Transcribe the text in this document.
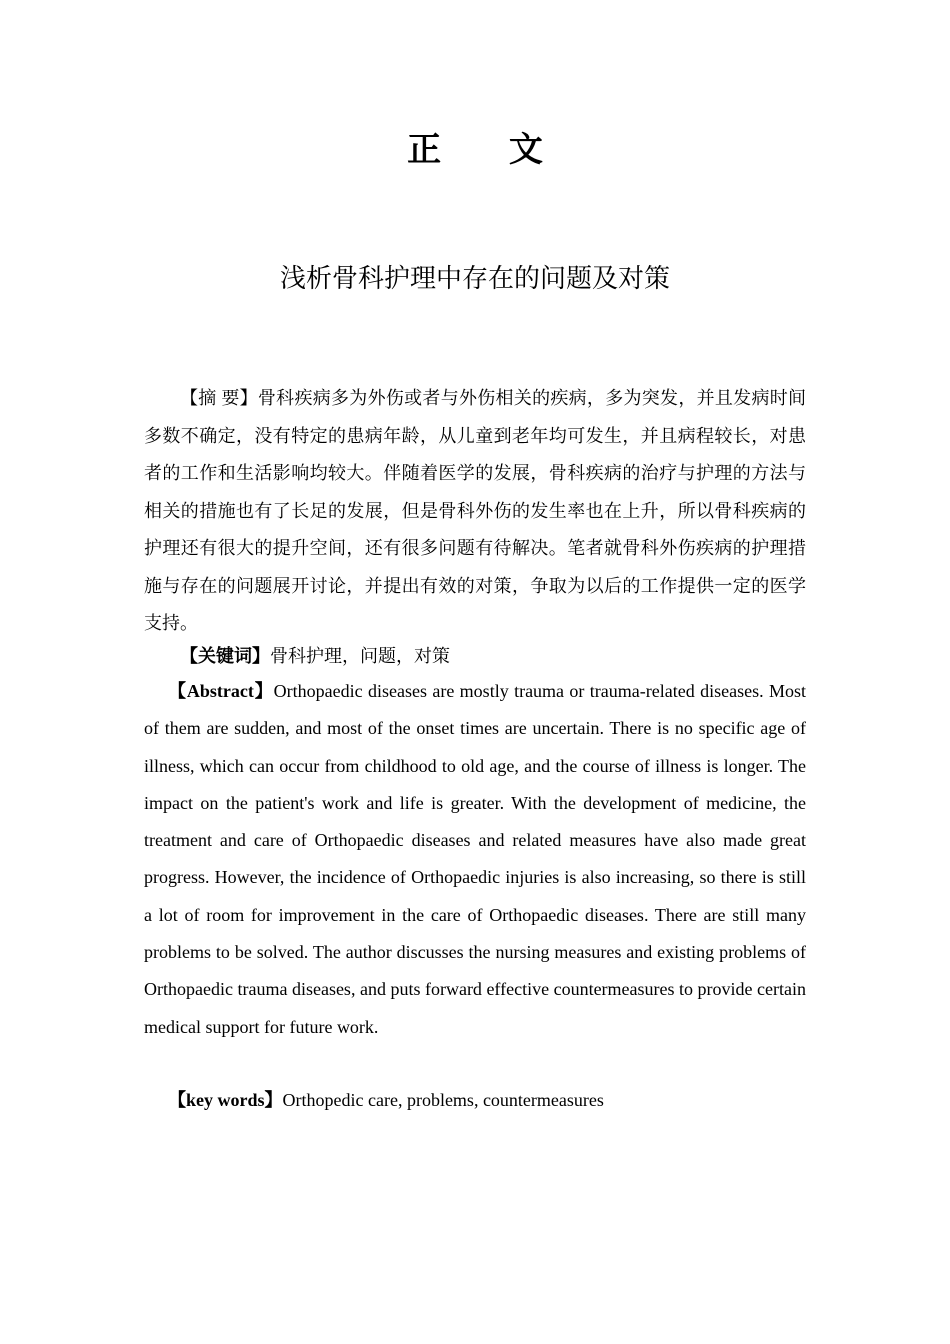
正 文
浅析骨科护理中存在的问题及对策

【摘 要】骨科疾病多为外伤或者与外伤相关的疾病，多为突发，并且发病时间多数不确定，没有特定的患病年龄，从儿童到老年均可发生，并且病程较长，对患者的工作和生活影响均较大。伴随着医学的发展，骨科疾病的治疗与护理的方法与相关的措施也有了长足的发展，但是骨科外伤的发生率也在上升，所以骨科疾病的护理还有很大的提升空间，还有很多问题有待解决。笔者就骨科外伤疾病的护理措施与存在的问题展开讨论，并提出有效的对策，争取为以后的工作提供一定的医学支持。

【关键词】骨科护理，问题，对策

【Abstract】Orthopaedic diseases are mostly trauma or trauma-related diseases. Most of them are sudden, and most of the onset times are uncertain. There is no specific age of illness, which can occur from childhood to old age, and the course of illness is longer. The impact on the patient's work and life is greater. With the development of medicine, the treatment and care of Orthopaedic diseases and related measures have also made great progress. However, the incidence of Orthopaedic injuries is also increasing, so there is still a lot of room for improvement in the care of Orthopaedic diseases. There are still many problems to be solved. The author discusses the nursing measures and existing problems of Orthopaedic trauma diseases, and puts forward effective countermeasures to provide certain medical support for future work.

【key words】Orthopedic care, problems, countermeasures
